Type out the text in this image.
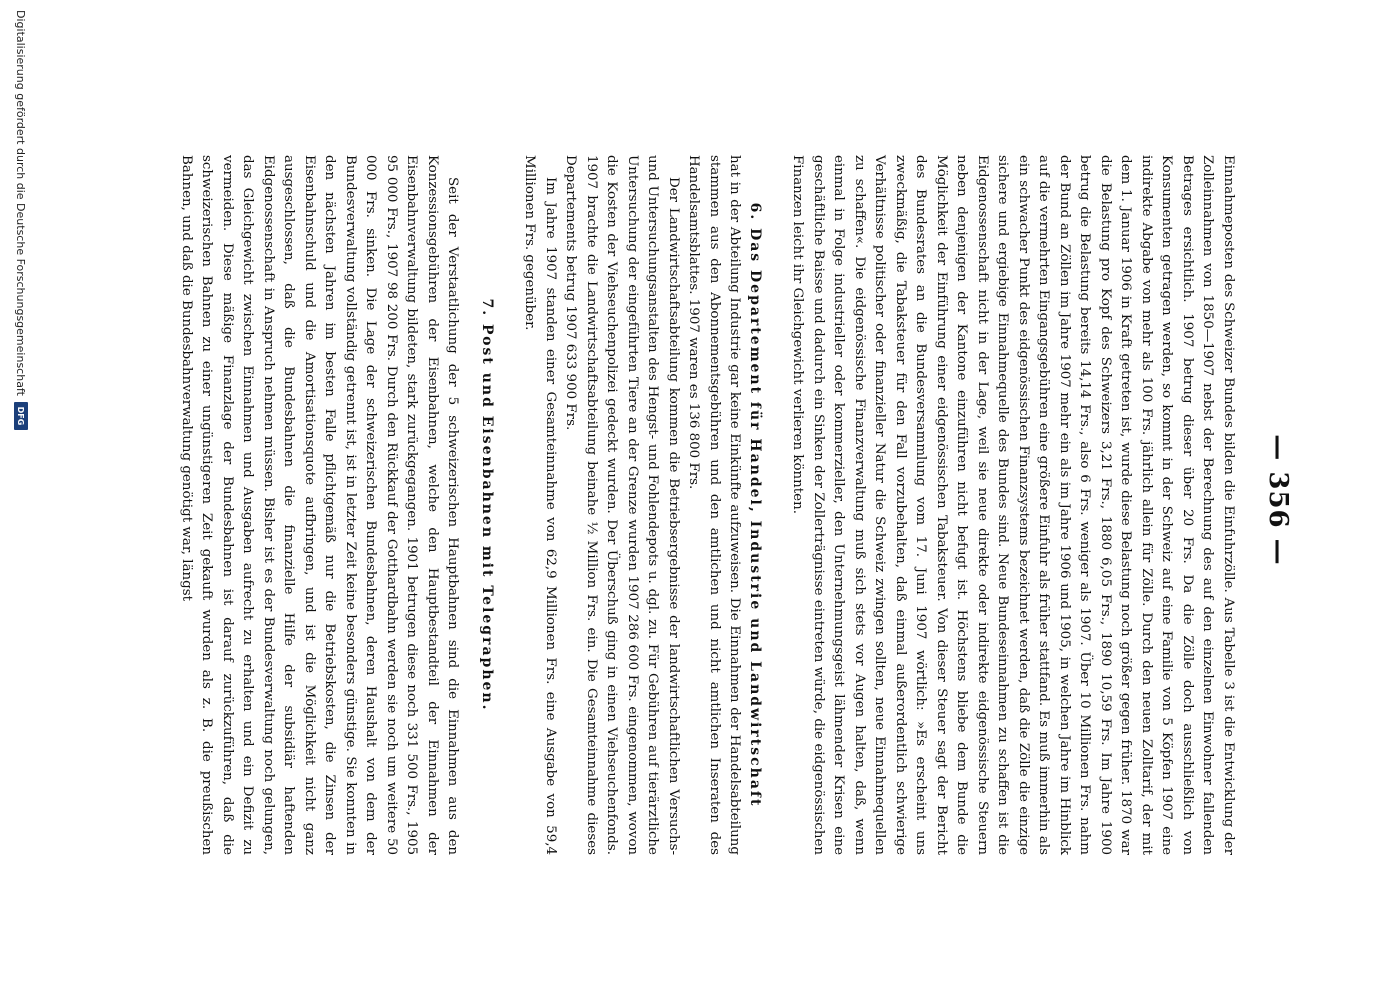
— 356 —

Einnahmeposten des Schweizer Bundes bilden die Einfuhrzölle. Aus Tabelle 3 ist die Entwicklung der Zolleinnahmen von 1850—1907 nebst der Berechnung des auf den einzelnen Einwohner fallenden Betrages ersichtlich. 1907 betrug dieser über 20 Frs. Da die Zölle doch ausschließlich von Konsumenten getragen werden, so kommt in der Schweiz auf eine Familie von 5 Köpfen 1907 eine indirekte Abgabe von mehr als 100 Frs. jährlich allein für Zölle. Durch den neuen Zolltarif, der mit dem 1. Januar 1906 in Kraft getreten ist, wurde diese Belastung noch größer gegen früher. 1870 war die Belastung pro Kopf des Schweizers 3,21 Frs., 1880 6,05 Frs., 1890 10,59 Frs. Im Jahre 1900 betrug die Belastung bereits 14,14 Frs., also 6 Frs. weniger als 1907. Über 10 Millionen Frs. nahm der Bund an Zöllen im Jahre 1907 mehr ein als im Jahre 1906 und 1905, in welchen Jahre im Hinblick auf die vermehrten Eingangsgebühren eine größere Einfuhr als früher stattfand. Es muß immerhin als ein schwacher Punkt des eidgenössischen Finanzsystems bezeichnet werden, daß die Zölle die einzige sichere und ergiebige Einnahmequelle des Bundes sind. Neue Bundeseinnahmen zu schaffen ist die Eidgenossenschaft nicht in der Lage, weil sie neue direkte oder indirekte eidgenössische Steuern neben denjenigen der Kantone einzuführen nicht befugt ist. Höchstens bliebe dem Bunde die Möglichkeit der Einführung einer eidgenössischen Tabaksteuer. Von dieser Steuer sagt der Bericht des Bundesrates an die Bundesversammlung vom 17. Juni 1907 wörtlich: »Es erscheint uns zweckmäßig, die Tabaksteuer für den Fall vorzubehalten, daß einmal außerordentlich schwierige Verhältnisse politischer oder finanzieller Natur die Schweiz zwingen sollten, neue Einnahmequellen zu schaffen«. Die eidgenössische Finanzverwaltung muß sich stets vor Augen halten, daß, wenn einmal in Folge industrieller oder kommerzieller, den Unternehmungsgeist lähmender Krisen eine geschäftliche Baisse und dadurch ein Sinken der Zollerträgnisse eintreten würde, die eidgenössischen Finanzen leicht ihr Gleichgewicht verlieren könnten.

6. Das Departement für Handel, Industrie und Landwirtschaft

hat in der Abteilung Industrie gar keine Einkünfte aufzuweisen. Die Einnahmen der Handelsabteilung stammen aus den Abonnementsgebühren und den amtlichen und nicht amtlichen Inseraten des Handelsamtsblattes. 1907 waren es 136 800 Frs.

Der Landwirtschaftsabteilung kommen die Betriebsergebnisse der landwirtschaftlichen Versuchs- und Untersuchungsanstalten des Hengst- und Fohlendepots u. dgl. zu. Für Gebühren auf tierärztliche Untersuchung der eingeführten Tiere an der Grenze wurden 1907 286 600 Frs. eingenommen, wovon die Kosten der Viehseuchenpolizei gedeckt wurden. Der Überschuß ging in einen Viehseuchenfonds. 1907 brachte die Landwirtschaftsabteilung beinahe ½ Million Frs. ein. Die Gesamteinnahme dieses Departements betrug 1907 633 900 Frs.

Im Jahre 1907 standen einer Gesamteinnahme von 62,9 Millionen Frs. eine Ausgabe von 59,4 Millionen Frs. gegenüber.

7. Post und Eisenbahnen mit Telegraphen.

Seit der Verstaatlichung der 5 schweizerischen Hauptbahnen sind die Einnahmen aus den Konzessionsgebühren der Eisenbahnen, welche den Hauptbestandteil der Einnahmen der Eisenbahnverwaltung bildeten, stark zurückgegangen. 1901 betrugen diese noch 331 500 Frs., 1905 95 000 Frs., 1907 98 200 Frs. Durch den Rückkauf der Gotthardbahn werden sie noch um weitere 50 000 Frs. sinken. Die Lage der schweizerischen Bundesbahnen, deren Haushalt von dem der Bundesverwaltung vollständig getrennt ist, ist in letzter Zeit keine besonders günstige. Sie konnten in den nächsten Jahren im besten Falle pflichtgemäß nur die Betriebskosten, die Zinsen der Eisenbahnschuld und die Amortisationsquote aufbringen, und ist die Möglichkeit nicht ganz ausgeschlossen, daß die Bundesbahnen die finanzielle Hilfe der subsidiär haftenden Eidgenossenschaft in Anspruch nehmen müssen. Bisher ist es der Bundesverwaltung noch gelungen, das Gleichgewicht zwischen Einnahmen und Ausgaben aufrecht zu erhalten und ein Defizit zu vermeiden. Diese mäßige Finanzlage der Bundesbahnen ist darauf zurückzuführen, daß die schweizerischen Bahnen zu einer ungünstigeren Zeit gekauft wurden als z. B. die preußischen Bahnen, und daß die Bundesbahnverwaltung genötigt war, längst

Digitalisierung gefördert durch die Deutsche Forschungsgemeinschaft
DFG
